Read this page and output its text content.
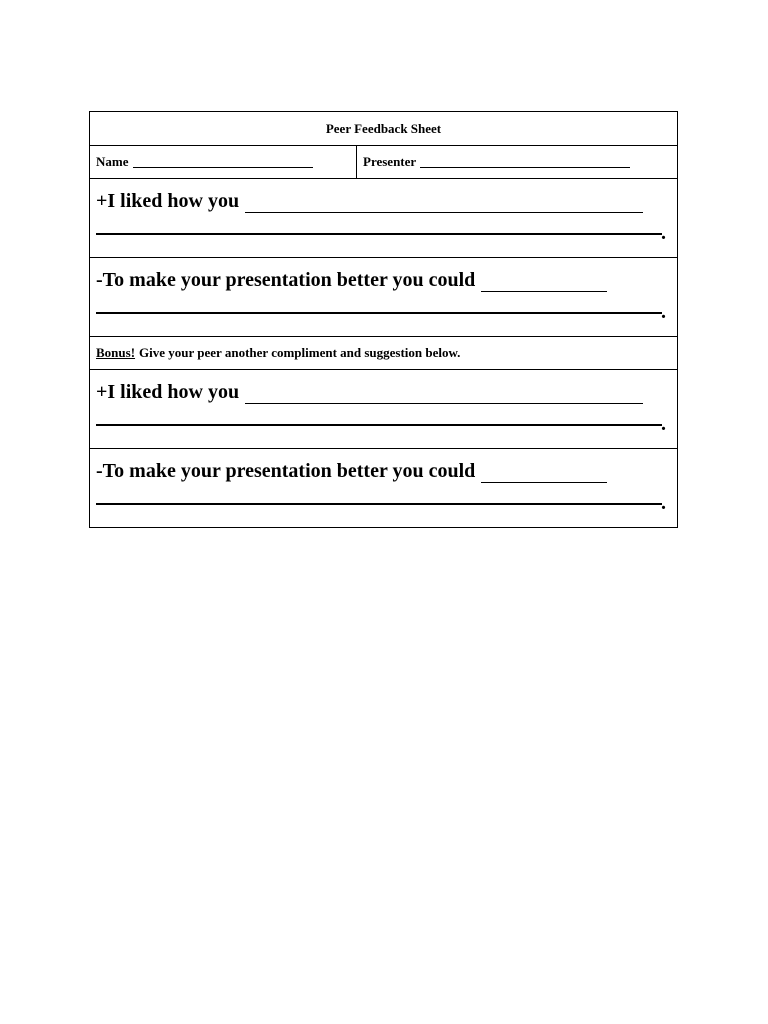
Peer Feedback Sheet
Name	Presenter
+I liked how you
.
-To make your presentation better you could
.
Bonus! Give your peer another compliment and suggestion below.
+I liked how you
.
-To make your presentation better you could
.
